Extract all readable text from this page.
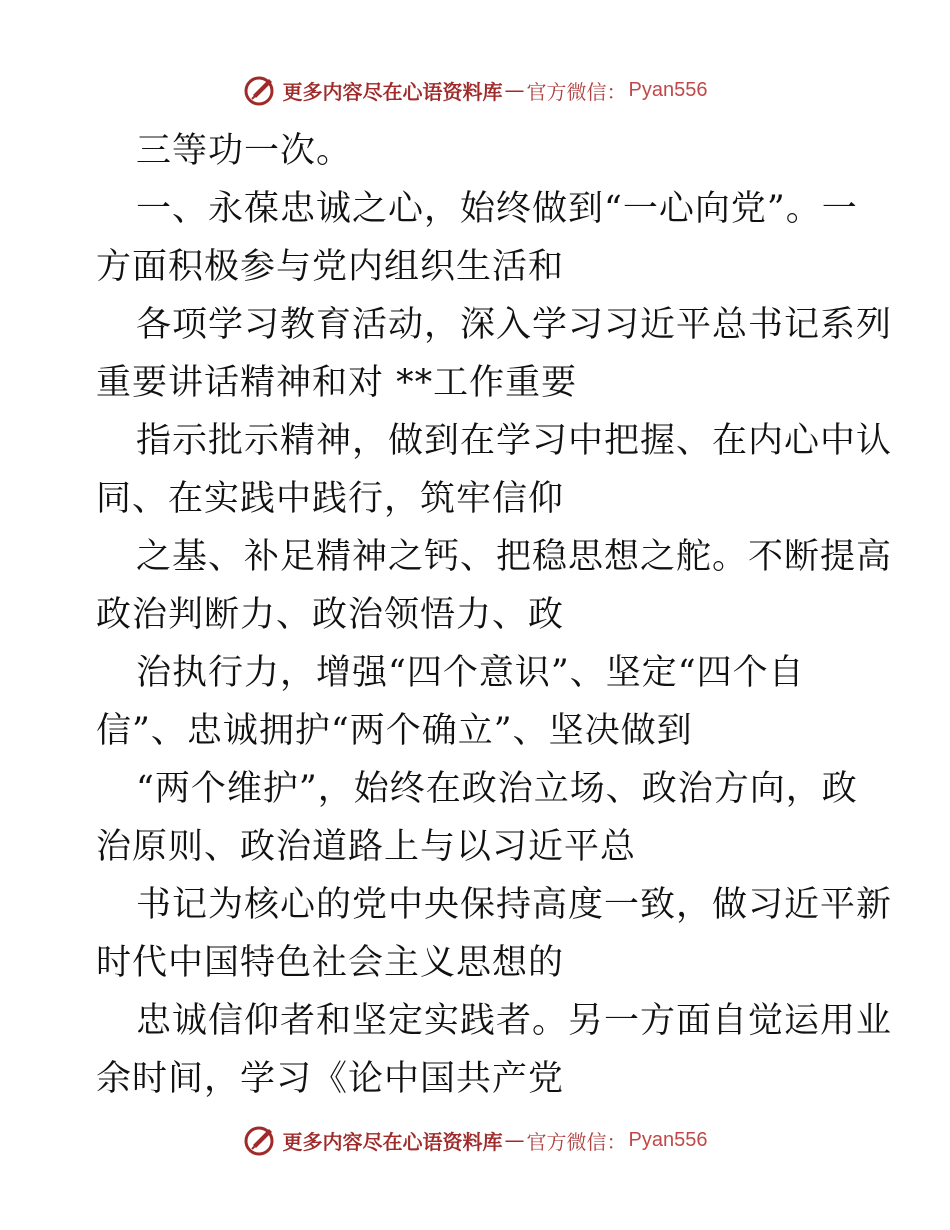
更多内容尽在心语资料库 — 官方微信： Pyan556
三等功一次。
一、永葆忠诚之心，始终做到“一心向党”。一
方面积极参与党内组织生活和
各项学习教育活动，深入学习习近平总书记系列
重要讲话精神和对 **工作重要
指示批示精神，做到在学习中把握、在内心中认
同、在实践中践行，筑牢信仰
之基、补足精神之钙、把稳思想之舵。不断提高
政治判断力、政治领悟力、政
治执行力，增强“四个意识”、坚定“四个自
信”、忠诚拥护“两个确立”、坚决做到
“两个维护”，始终在政治立场、政治方向，政
治原则、政治道路上与以习近平总
书记为核心的党中央保持高度一致，做习近平新
时代中国特色社会主义思想的
忠诚信仰者和坚定实践者。另一方面自觉运用业
余时间，学习《论中国共产党
更多内容尽在心语资料库 — 官方微信： Pyan556
